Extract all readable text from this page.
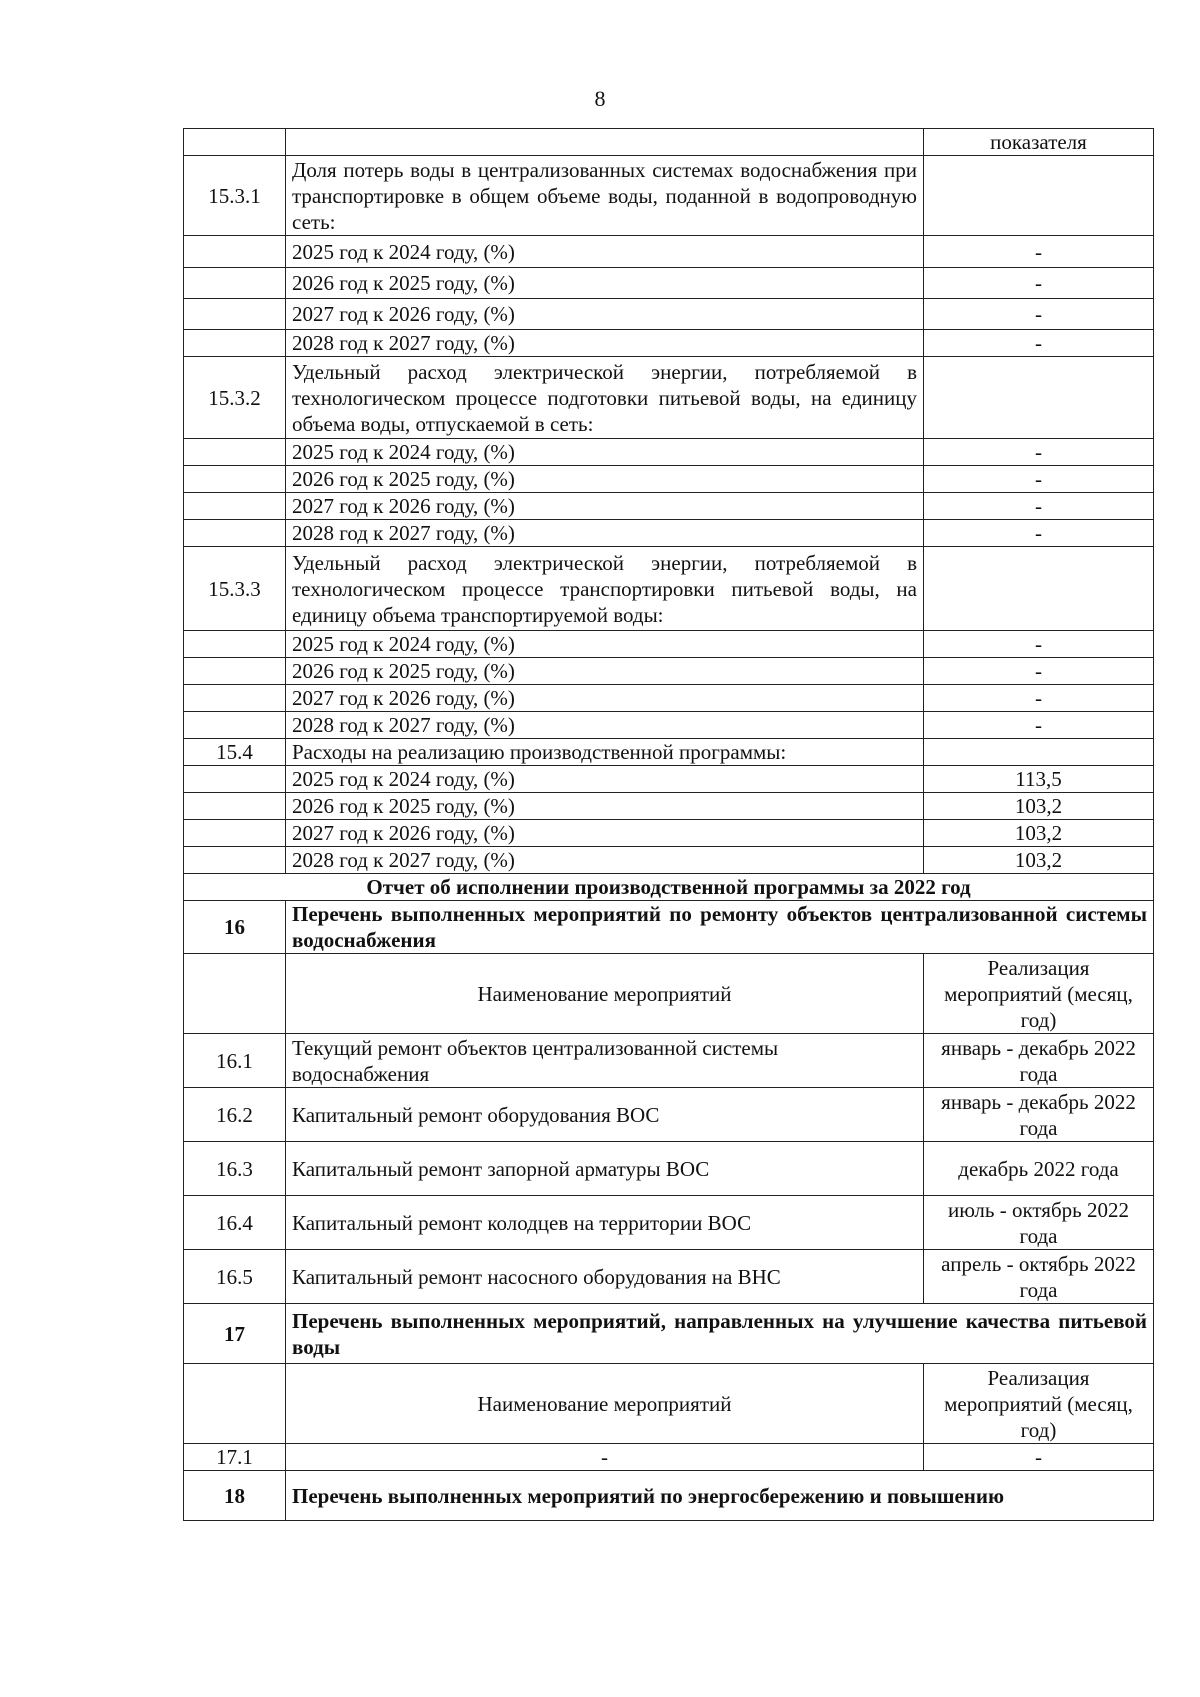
8
		показателя
15.3.1	Доля потерь воды в централизованных системах водоснабжения при транспортировке в общем объеме воды, поданной в водопроводную сеть:	
	2025 год к 2024 году, (%)	-
	2026 год к 2025 году, (%)	-
	2027 год к 2026 году, (%)	-
	2028 год к 2027 году, (%)	-
15.3.2	Удельный расход электрической энергии, потребляемой в технологическом процессе подготовки питьевой воды, на единицу объема воды, отпускаемой в сеть:	
	2025 год к 2024 году, (%)	-
	2026 год к 2025 году, (%)	-
	2027 год к 2026 году, (%)	-
	2028 год к 2027 году, (%)	-
15.3.3	Удельный расход электрической энергии, потребляемой в технологическом процессе транспортировки питьевой воды, на единицу объема транспортируемой воды:	
	2025 год к 2024 году, (%)	-
	2026 год к 2025 году, (%)	-
	2027 год к 2026 году, (%)	-
	2028 год к 2027 году, (%)	-
15.4	Расходы на реализацию производственной программы:	
	2025 год к 2024 году, (%)	113,5
	2026 год к 2025 году, (%)	103,2
	2027 год к 2026 году, (%)	103,2
	2028 год к 2027 году, (%)	103,2
Отчет об исполнении производственной программы за 2022 год		
16	Перечень выполненных мероприятий по ремонту объектов централизованной системы водоснабжения	
	Наименование мероприятий	Реализация мероприятий (месяц, год)
16.1	Текущий ремонт объектов централизованной системы водоснабжения	январь - декабрь 2022 года
16.2	Капитальный ремонт оборудования ВОС	январь - декабрь 2022 года
16.3	Капитальный ремонт запорной арматуры ВОС	декабрь 2022 года
16.4	Капитальный ремонт колодцев на территории ВОС	июль - октябрь 2022 года
16.5	Капитальный ремонт насосного оборудования на ВНС	апрель - октябрь 2022 года
17	Перечень выполненных мероприятий, направленных на улучшение качества питьевой воды	
	Наименование мероприятий	Реализация мероприятий (месяц, год)
17.1	-	-
18	Перечень выполненных мероприятий по энергосбережению и повышению	
